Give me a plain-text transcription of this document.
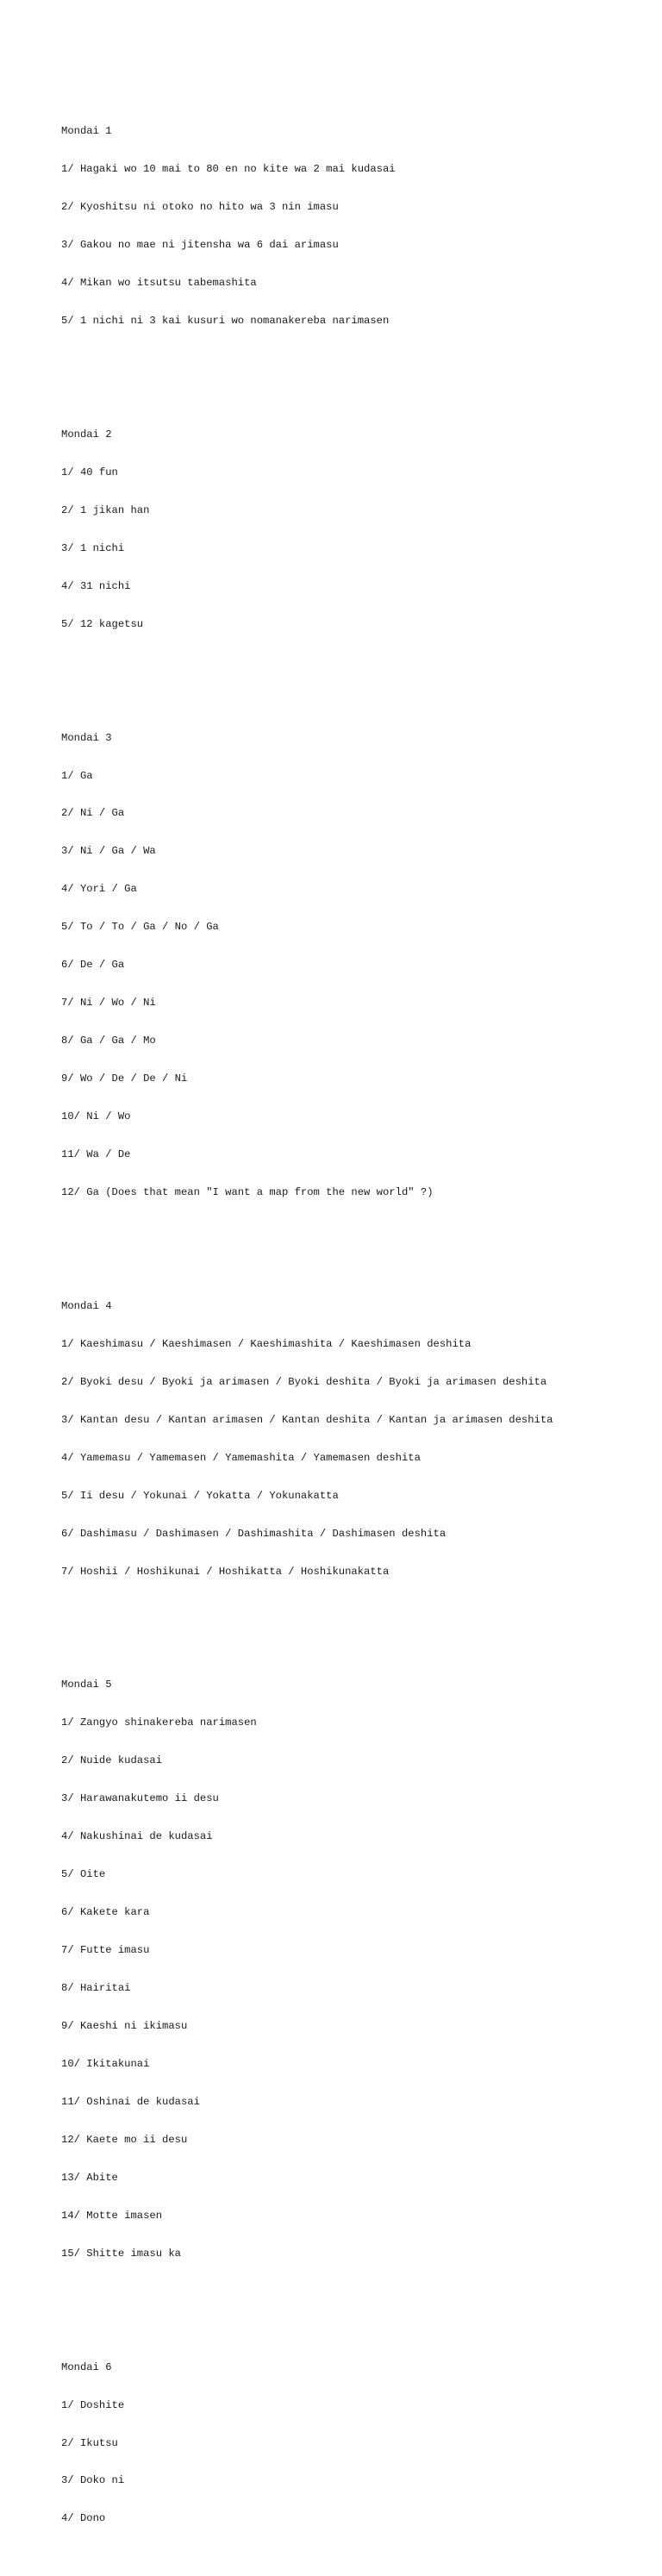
Mondai 1

1/ Hagaki wo 10 mai to 80 en no kite wa 2 mai kudasai

2/ Kyoshitsu ni otoko no hito wa 3 nin imasu

3/ Gakou no mae ni jitensha wa 6 dai arimasu

4/ Mikan wo itsutsu tabemashita

5/ 1 nichi ni 3 kai kusuri wo nomanakereba narimasen

Mondai 2

1/ 40 fun

2/ 1 jikan han

3/ 1 nichi

4/ 31 nichi

5/ 12 kagetsu

Mondai 3

1/ Ga

2/ Ni / Ga

3/ Ni / Ga / Wa

4/ Yori / Ga

5/ To / To / Ga / No / Ga

6/ De / Ga

7/ Ni / Wo / Ni

8/ Ga / Ga / Mo

9/ Wo / De / De / Ni

10/ Ni / Wo

11/ Wa / De

12/ Ga (Does that mean "I want a map from the new world" ?)

Mondai 4

1/ Kaeshimasu / Kaeshimasen / Kaeshimashita / Kaeshimasen deshita

2/ Byoki desu / Byoki ja arimasen / Byoki deshita / Byoki ja arimasen deshita

3/ Kantan desu / Kantan arimasen / Kantan deshita / Kantan ja arimasen deshita

4/ Yamemasu / Yamemasen / Yamemashita / Yamemasen deshita

5/ Ii desu / Yokunai / Yokatta / Yokunakatta

6/ Dashimasu / Dashimasen / Dashimashita / Dashimasen deshita

7/ Hoshii / Hoshikunai / Hoshikatta / Hoshikunakatta

Mondai 5

1/ Zangyo shinakereba narimasen

2/ Nuide kudasai

3/ Harawanakutemo ii desu

4/ Nakushinai de kudasai

5/ Oite

6/ Kakete kara

7/ Futte imasu

8/ Hairitai

9/ Kaeshi ni ikimasu

10/ Ikitakunai

11/ Oshinai de kudasai

12/ Kaete mo ii desu

13/ Abite

14/ Motte imasen

15/ Shitte imasu ka

Mondai 6

1/ Doshite

2/ Ikutsu

3/ Doko ni

4/ Dono
